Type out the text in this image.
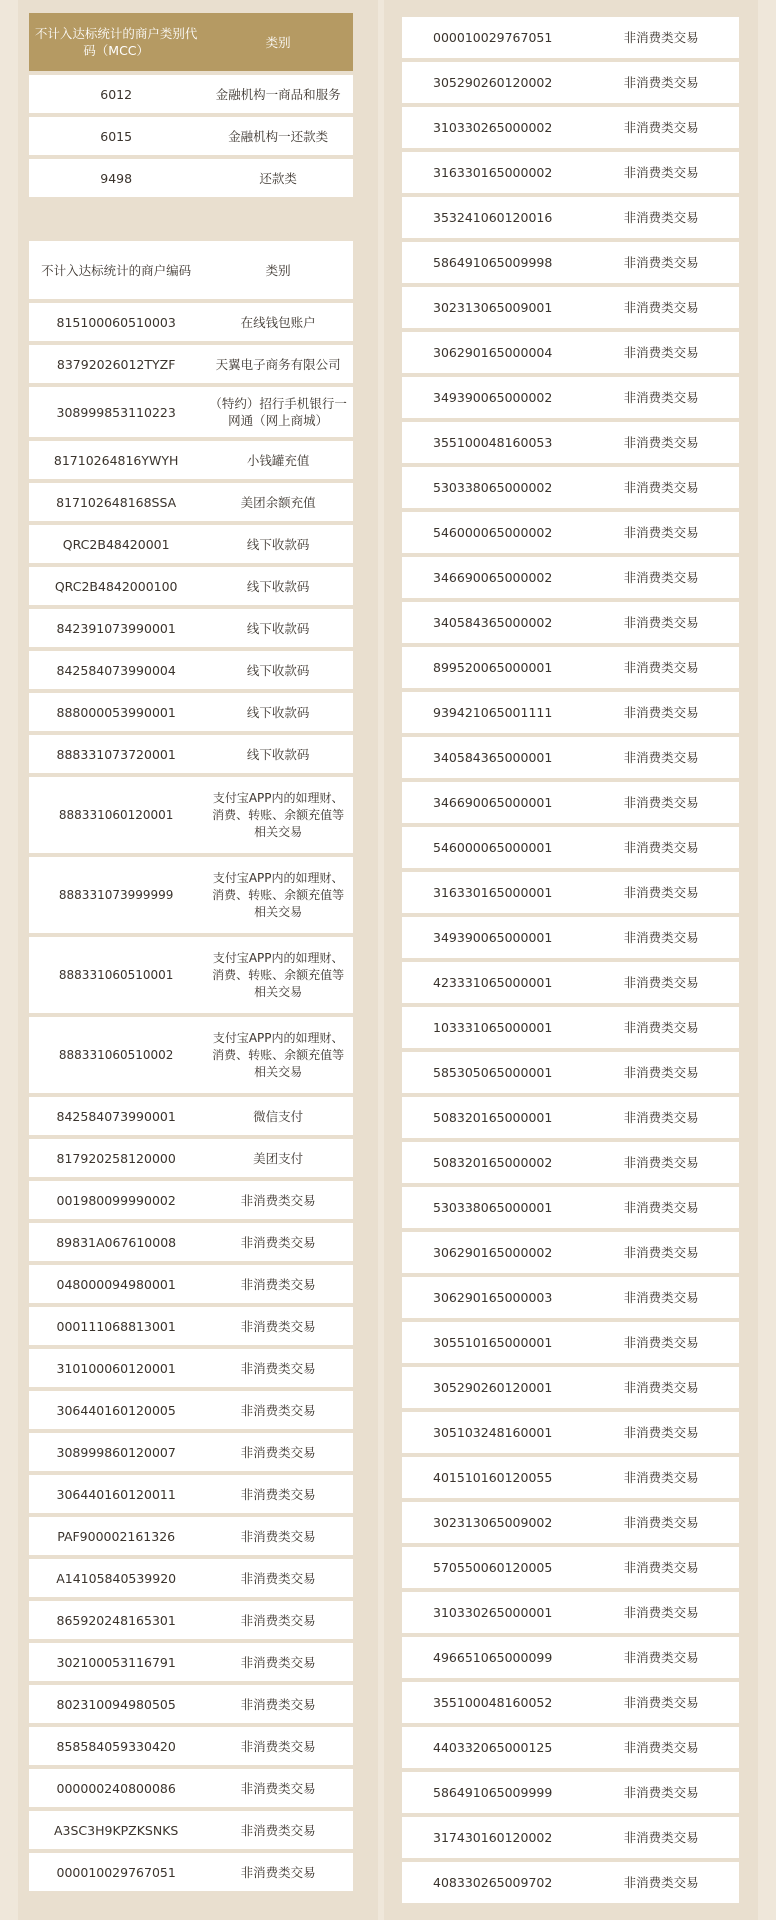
不计入达标统计的商户类别代码（MCC）	类别
6012	金融机构一商品和服务
6015	金融机构一还款类
9498	还款类

不计入达标统计的商户编码	类别
815100060510003	在线钱包账户
83792026012TYZF	天翼电子商务有限公司
308999853110223	（特约）招行手机银行一网通（网上商城）
81710264816YWYH	小钱罐充值
817102648168SSA	美团余额充值
QRC2B48420001	线下收款码
QRC2B4842000100	线下收款码
842391073990001	线下收款码
842584073990004	线下收款码
888000053990001	线下收款码
888331073720001	线下收款码
888331060120001	支付宝APP内的如理财、消费、转账、余额充值等相关交易
888331073999999	支付宝APP内的如理财、消费、转账、余额充值等相关交易
888331060510001	支付宝APP内的如理财、消费、转账、余额充值等相关交易
888331060510002	支付宝APP内的如理财、消费、转账、余额充值等相关交易
842584073990001	微信支付
817920258120000	美团支付
001980099990002	非消费类交易
89831A067610008	非消费类交易
048000094980001	非消费类交易
000111068813001	非消费类交易
310100060120001	非消费类交易
306440160120005	非消费类交易
308999860120007	非消费类交易
306440160120011	非消费类交易
PAF900002161326	非消费类交易
A14105840539920	非消费类交易
865920248165301	非消费类交易
302100053116791	非消费类交易
802310094980505	非消费类交易
858584059330420	非消费类交易
000000240800086	非消费类交易
A3SC3H9KPZKSNKS	非消费类交易
000010029767051	非消费类交易
000010029767051	非消费类交易
305290260120002	非消费类交易
310330265000002	非消费类交易
316330165000002	非消费类交易
353241060120016	非消费类交易
586491065009998	非消费类交易
302313065009001	非消费类交易
306290165000004	非消费类交易
349390065000002	非消费类交易
355100048160053	非消费类交易
530338065000002	非消费类交易
546000065000002	非消费类交易
346690065000002	非消费类交易
340584365000002	非消费类交易
899520065000001	非消费类交易
939421065001111	非消费类交易
340584365000001	非消费类交易
346690065000001	非消费类交易
546000065000001	非消费类交易
316330165000001	非消费类交易
349390065000001	非消费类交易
423331065000001	非消费类交易
103331065000001	非消费类交易
585305065000001	非消费类交易
508320165000001	非消费类交易
508320165000002	非消费类交易
530338065000001	非消费类交易
306290165000002	非消费类交易
306290165000003	非消费类交易
305510165000001	非消费类交易
305290260120001	非消费类交易
305103248160001	非消费类交易
401510160120055	非消费类交易
302313065009002	非消费类交易
570550060120005	非消费类交易
310330265000001	非消费类交易
496651065000099	非消费类交易
355100048160052	非消费类交易
440332065000125	非消费类交易
586491065009999	非消费类交易
317430160120002	非消费类交易
408330265009702	非消费类交易
